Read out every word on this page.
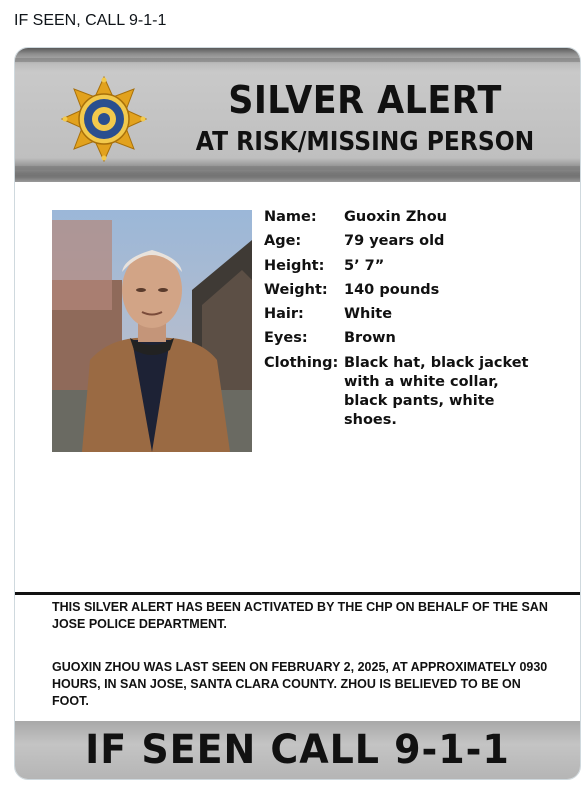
IF SEEN, CALL 9-1-1
SILVER ALERT
AT RISK/MISSING PERSON
Name:	Guoxin Zhou
Age:	79 years old
Height:	5’ 7”
Weight:	140 pounds
Hair:	White
Eyes:	Brown
Clothing: Black hat, black jacket with a white collar, black pants, white shoes.
THIS SILVER ALERT HAS BEEN ACTIVATED BY THE CHP ON BEHALF OF THE SAN JOSE POLICE DEPARTMENT.
GUOXIN ZHOU WAS LAST SEEN ON FEBRUARY 2, 2025, AT APPROXIMATELY 0930 HOURS, IN SAN JOSE, SANTA CLARA COUNTY. ZHOU IS BELIEVED TO BE ON FOOT.
IF SEEN CALL 9-1-1
